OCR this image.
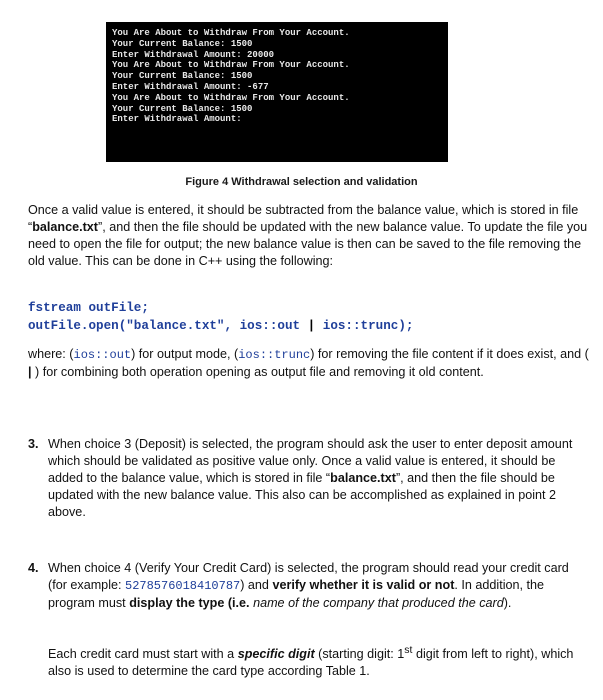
You Are About to Withdraw From Your Account.
Your Current Balance: 1500
Enter Withdrawal Amount: 20000
You Are About to Withdraw From Your Account.
Your Current Balance: 1500
Enter Withdrawal Amount: -677
You Are About to Withdraw From Your Account.
Your Current Balance: 1500
Enter Withdrawal Amount:
Figure 4 Withdrawal selection and validation
Once a valid value is entered, it should be subtracted from the balance value, which is stored in file “balance.txt”, and then the file should be updated with the new balance value. To update the file you need to open the file for output; the new balance value is then can be saved to the file removing the old value. This can be done in C++ using the following:
fstream outFile;
outFile.open("balance.txt", ios::out | ios::trunc);
where: (ios::out) for output mode, (ios::trunc) for removing the file content if it does exist, and ( | ) for combining both operation opening as output file and removing it old content.
3. When choice 3 (Deposit) is selected, the program should ask the user to enter deposit amount which should be validated as positive value only. Once a valid value is entered, it should be added to the balance value, which is stored in file “balance.txt”, and then the file should be updated with the new balance value. This also can be accomplished as explained in point 2 above.
4. When choice 4 (Verify Your Credit Card) is selected, the program should read your credit card (for example: 5278576018410787) and verify whether it is valid or not. In addition, the program must display the type (i.e. name of the company that produced the card).
Each credit card must start with a specific digit (starting digit: 1st digit from left to right), which also is used to determine the card type according Table 1.
